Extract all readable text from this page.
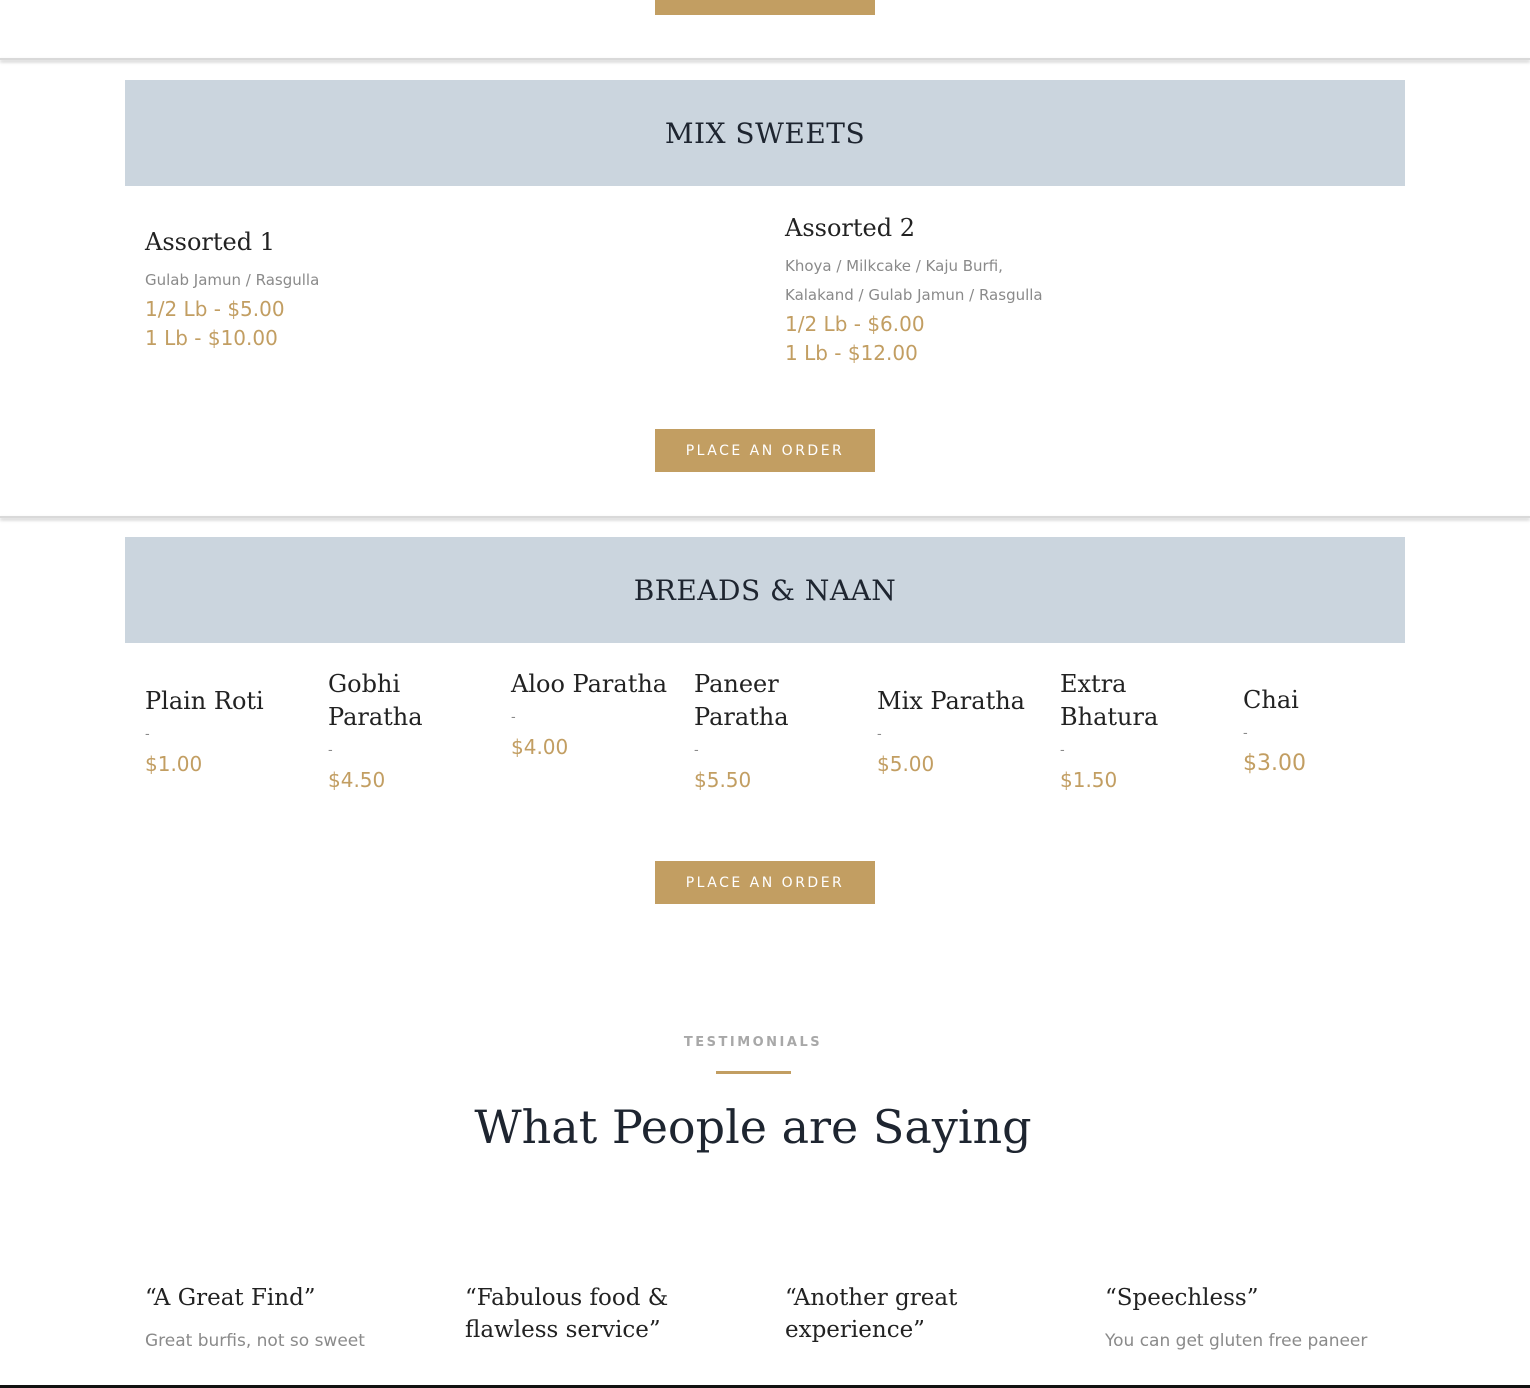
MIX SWEETS
Assorted 1
Gulab Jamun / Rasgulla
1/2 Lb - $5.00
1 Lb - $10.00
Assorted 2
Khoya / Milkcake / Kaju Burfi,
Kalakand / Gulab Jamun / Rasgulla
1/2 Lb - $6.00
1 Lb - $12.00
PLACE AN ORDER
BREADS & NAAN
Plain Roti
-
$1.00
Gobhi Paratha
-
$4.50
Aloo Paratha
-
$4.00
Paneer Paratha
-
$5.50
Mix Paratha
-
$5.00
Extra Bhatura
-
$1.50
Chai
-
$3.00
PLACE AN ORDER
TESTIMONIALS
What People are Saying
“A Great Find”
Great burfis, not so sweet
“Fabulous food & flawless service”
“Another great experience”
“Speechless”
You can get gluten free paneer
